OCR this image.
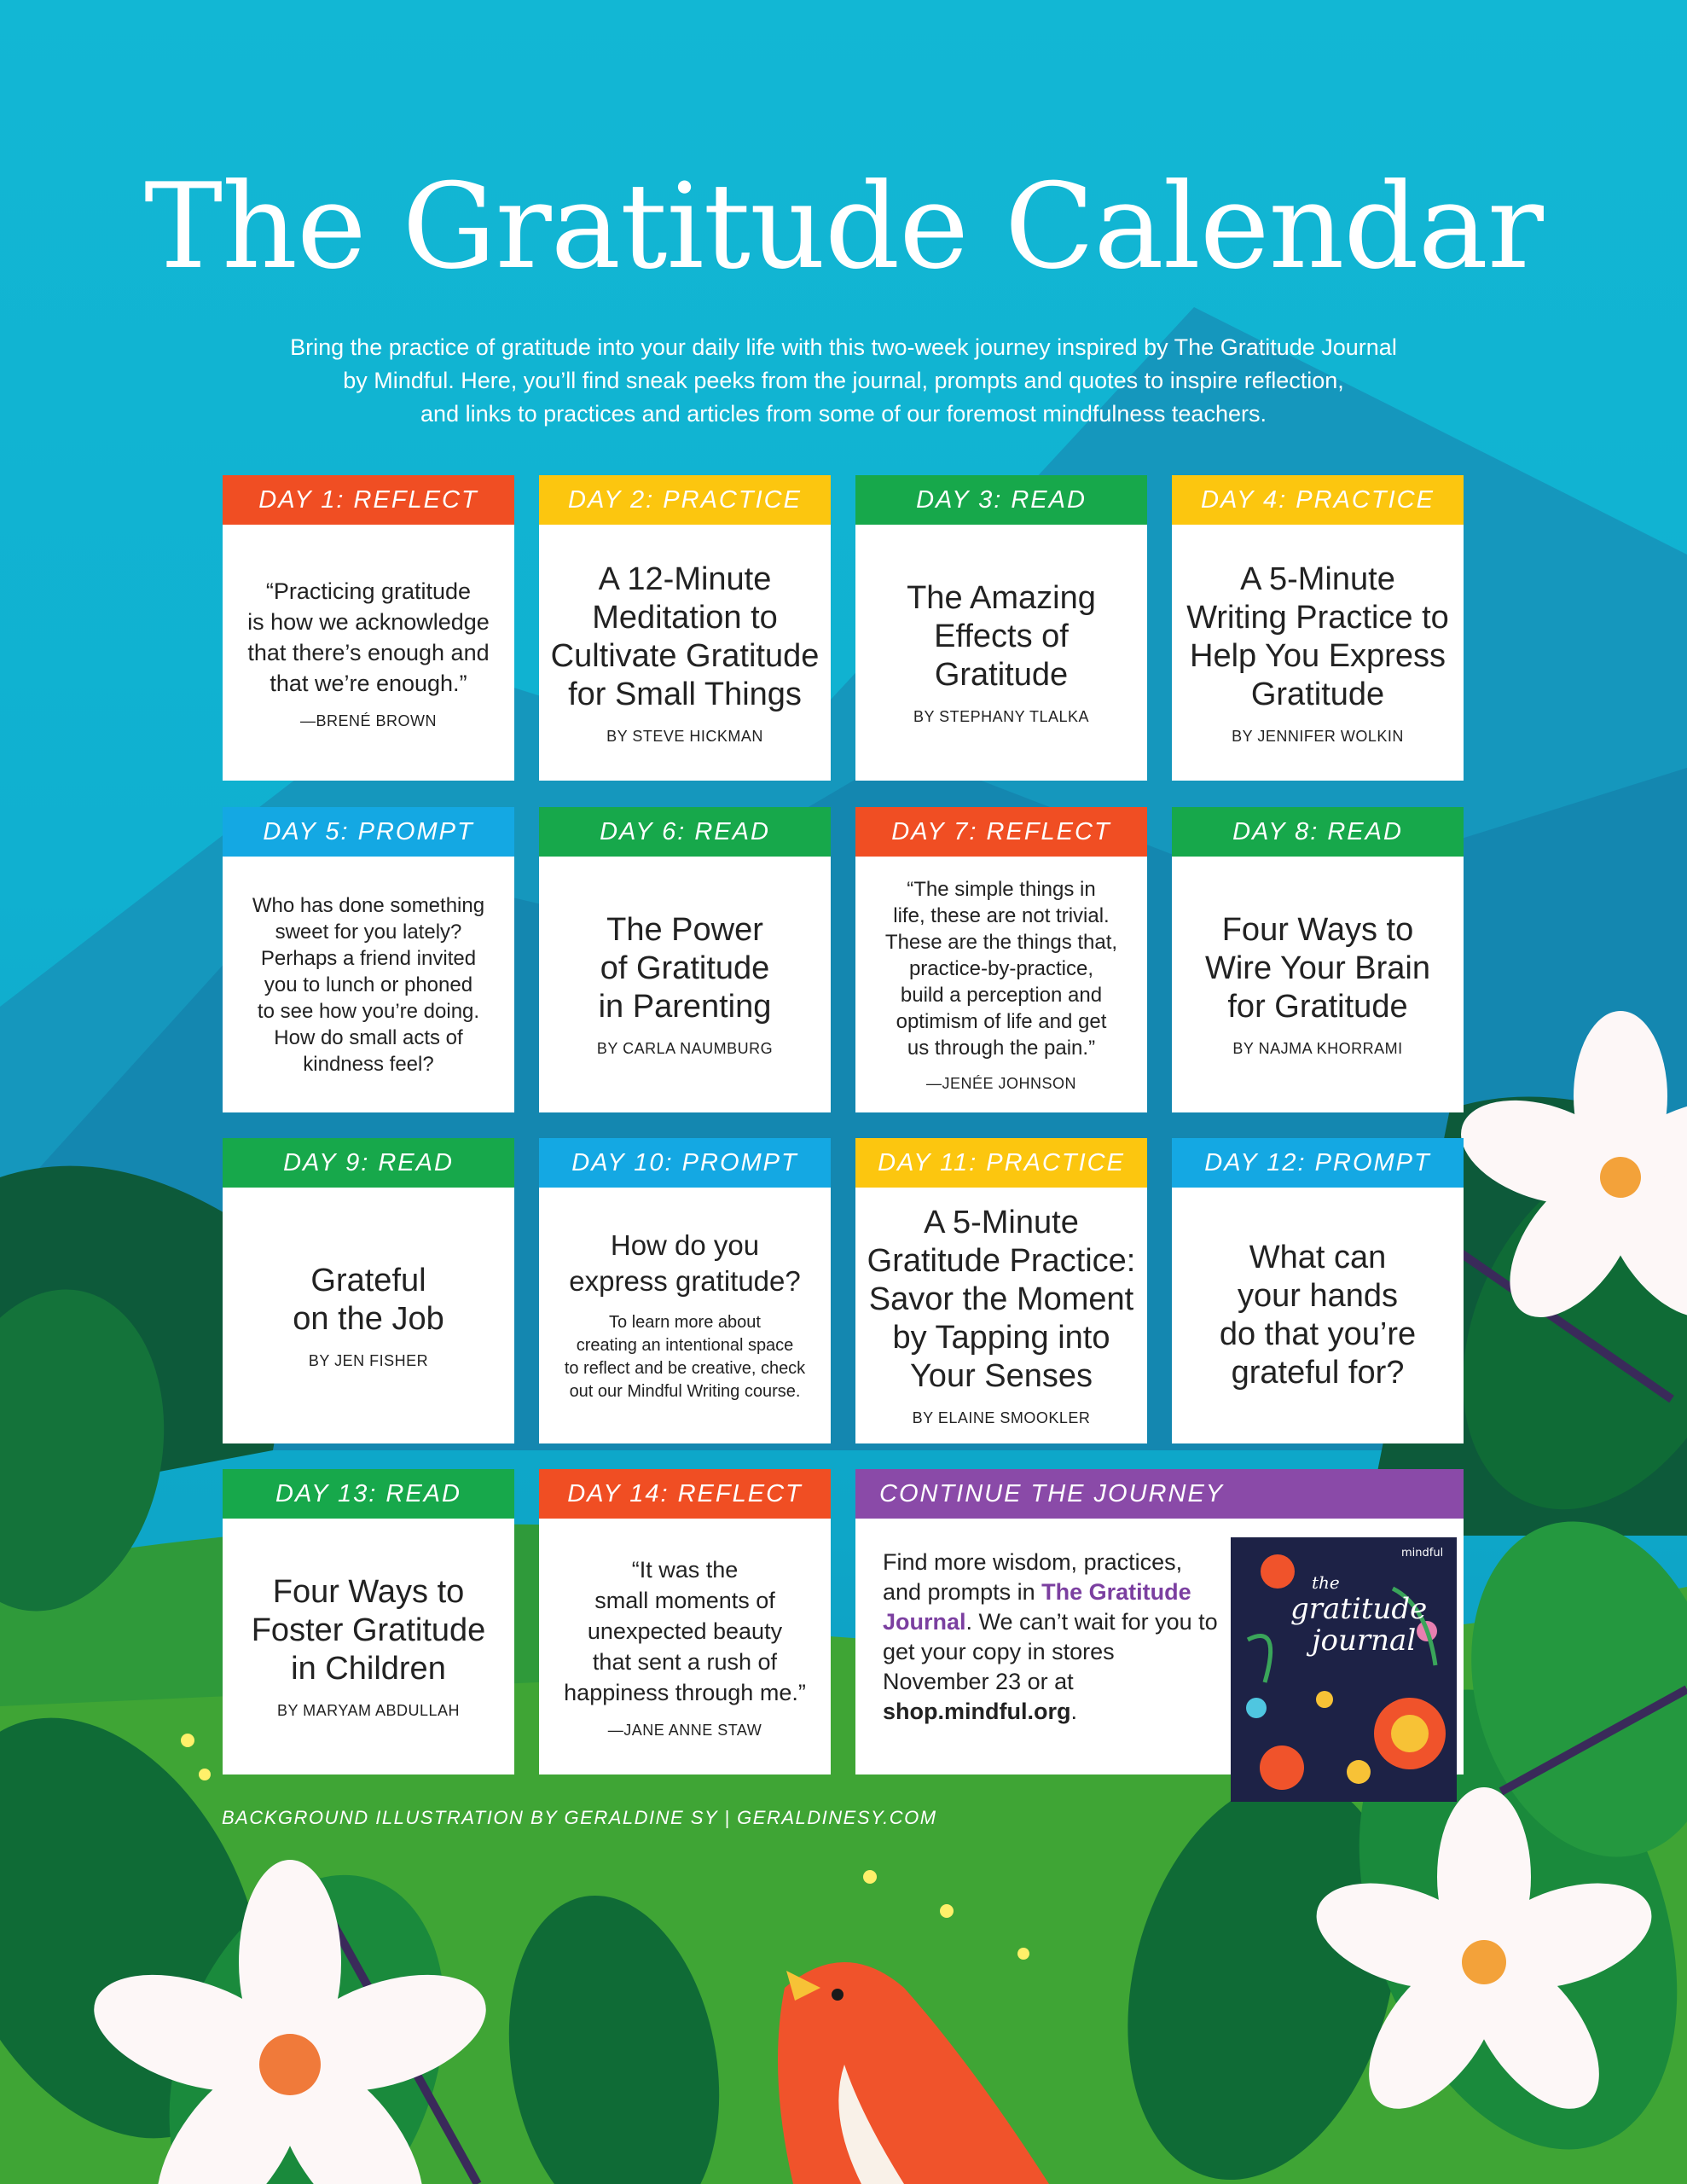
The Gratitude Calendar
Bring the practice of gratitude into your daily life with this two-week journey inspired by The Gratitude Journal
by Mindful. Here, you’ll find sneak peeks from the journal, prompts and quotes to inspire reflection,
and links to practices and articles from some of our foremost mindfulness teachers.
DAY 1: REFLECT
“Practicing gratitude
is how we acknowledge
that there’s enough and
that we’re enough.”
—BRENÉ BROWN
DAY 2: PRACTICE
A 12-Minute
Meditation to
Cultivate Gratitude
for Small Things
BY STEVE HICKMAN
DAY 3: READ
The Amazing
Effects of
Gratitude
BY STEPHANY TLALKA
DAY 4: PRACTICE
A 5-Minute
Writing Practice to
Help You Express
Gratitude
BY JENNIFER WOLKIN
DAY 5: PROMPT
Who has done something
sweet for you lately?
Perhaps a friend invited
you to lunch or phoned
to see how you’re doing.
How do small acts of
kindness feel?
DAY 6: READ
The Power
of Gratitude
in Parenting
BY CARLA NAUMBURG
DAY 7: REFLECT
“The simple things in
life, these are not trivial.
These are the things that,
practice-by-practice,
build a perception and
optimism of life and get
us through the pain.”
—JENÉE JOHNSON
DAY 8: READ
Four Ways to
Wire Your Brain
for Gratitude
BY NAJMA KHORRAMI
DAY 9: READ
Grateful
on the Job
BY JEN FISHER
DAY 10: PROMPT
How do you
express gratitude?
To learn more about
creating an intentional space
to reflect and be creative, check
out our Mindful Writing course.
DAY 11: PRACTICE
A 5-Minute
Gratitude Practice:
Savor the Moment
by Tapping into
Your Senses
BY ELAINE SMOOKLER
DAY 12: PROMPT
What can
your hands
do that you’re
grateful for?
DAY 13: READ
Four Ways to
Foster Gratitude
in Children
BY MARYAM ABDULLAH
DAY 14: REFLECT
“It was the
small moments of
unexpected beauty
that sent a rush of
happiness through me.”
—JANE ANNE STAW
CONTINUE THE JOURNEY
Find more wisdom, practices, and prompts in The Gratitude Journal. We can’t wait for you to get your copy in stores November 23 or at shop.mindful.org.
the
gratitude
journal
mindful
BACKGROUND ILLUSTRATION BY GERALDINE SY | GERALDINESY.COM
